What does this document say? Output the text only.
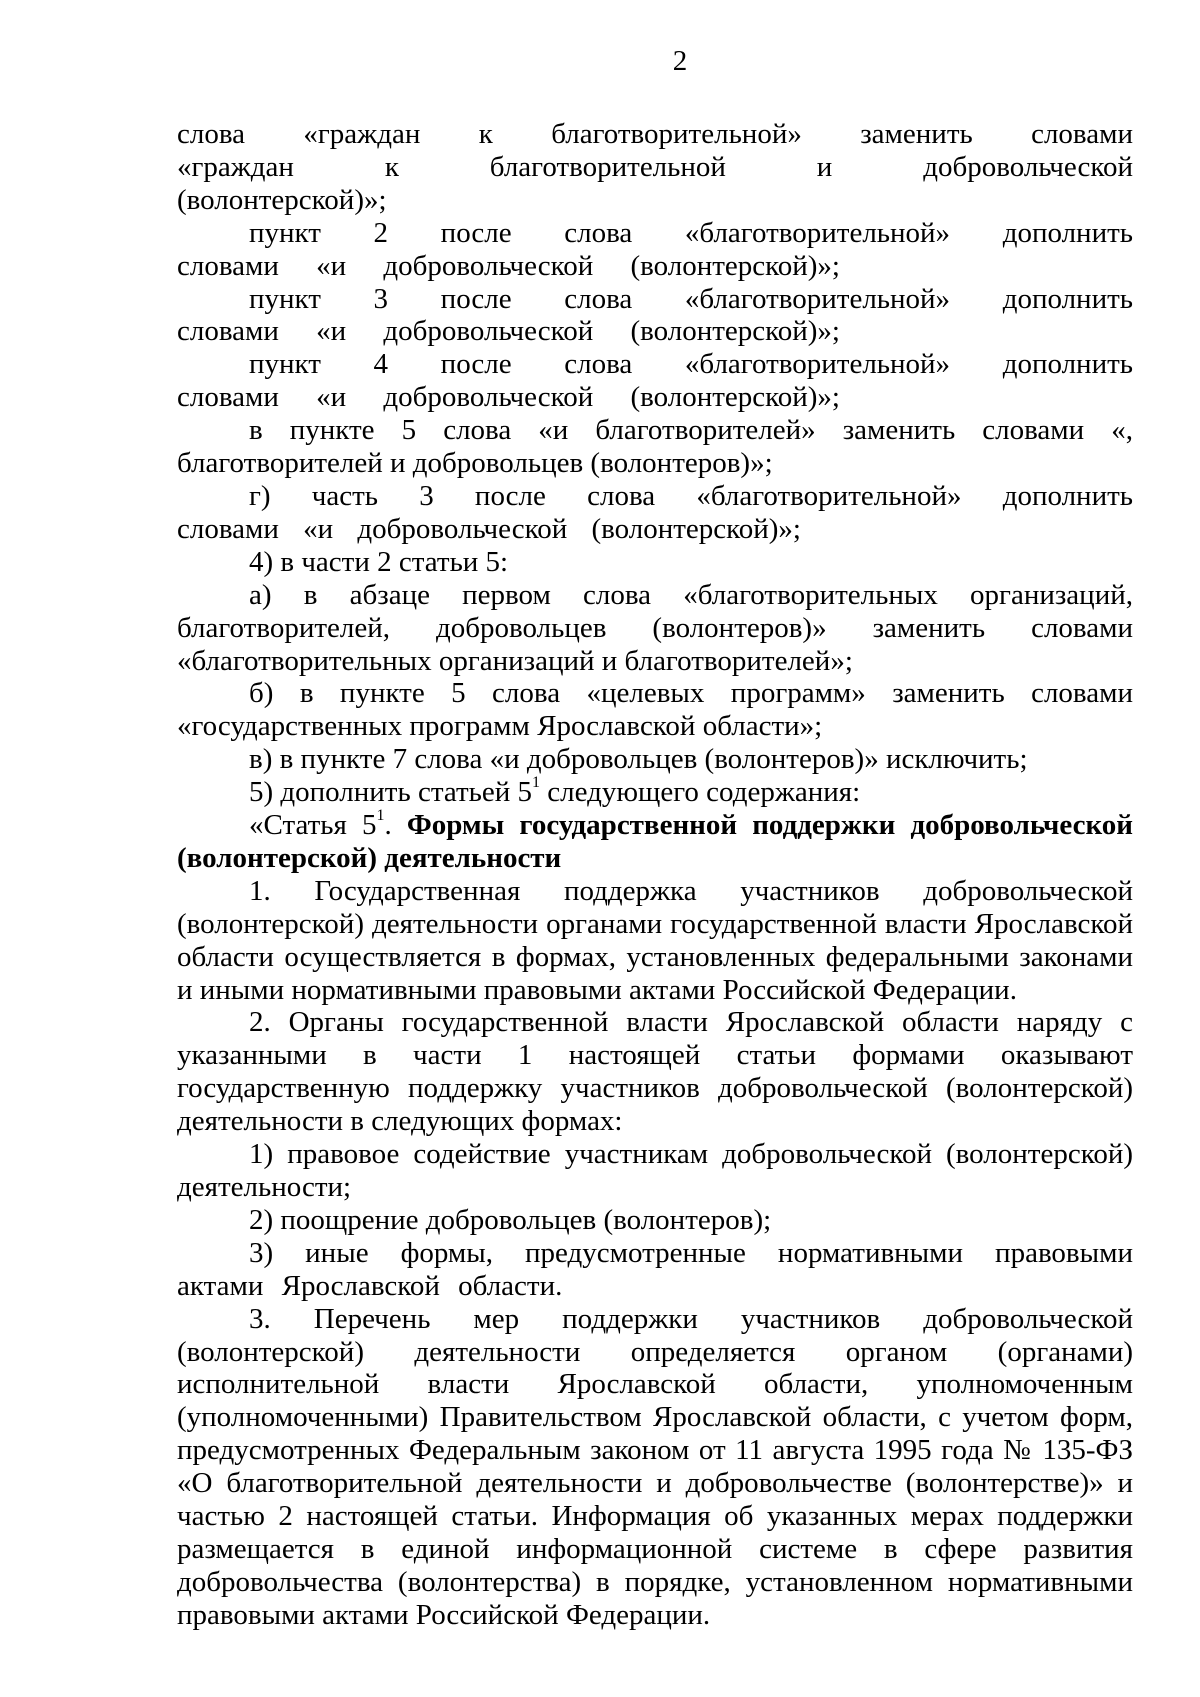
2

слова «граждан к благотворительной» заменить словами «граждан к благотворительной и добровольческой (волонтерской)»;

пункт 2 после слова «благотворительной» дополнить словами «и добровольческой (волонтерской)»;

пункт 3 после слова «благотворительной» дополнить словами «и добровольческой (волонтерской)»;

пункт 4 после слова «благотворительной» дополнить словами «и добровольческой (волонтерской)»;

в пункте 5 слова «и благотворителей» заменить словами «, благотворителей и добровольцев (волонтеров)»;

г) часть 3 после слова «благотворительной» дополнить словами «и добровольческой (волонтерской)»;

4) в части 2 статьи 5:

а) в абзаце первом слова «благотворительных организаций, благотворителей, добровольцев (волонтеров)» заменить словами «благотворительных организаций и благотворителей»;

б) в пункте 5 слова «целевых программ» заменить словами «государственных программ Ярославской области»;

в) в пункте 7 слова «и добровольцев (волонтеров)» исключить;

5) дополнить статьей $5^1$ следующего содержания:

«Статья $5^1$. Формы государственной поддержки добровольческой (волонтерской) деятельности

1. Государственная поддержка участников добровольческой (волонтерской) деятельности органами государственной власти Ярославской области осуществляется в формах, установленных федеральными законами и иными нормативными правовыми актами Российской Федерации.

2. Органы государственной власти Ярославской области наряду с указанными в части 1 настоящей статьи формами оказывают государственную поддержку участников добровольческой (волонтерской) деятельности в следующих формах:

1) правовое содействие участникам добровольческой (волонтерской) деятельности;

2) поощрение добровольцев (волонтеров);

3) иные формы, предусмотренные нормативными правовыми актами Ярославской области.

3. Перечень мер поддержки участников добровольческой (волонтерской) деятельности определяется органом (органами) исполнительной власти Ярославской области, уполномоченным (уполномоченными) Правительством Ярославской области, с учетом форм, предусмотренных Федеральным законом от 11 августа 1995 года № 135-ФЗ «О благотворительной деятельности и добровольчестве (волонтерстве)» и частью 2 настоящей статьи. Информация об указанных мерах поддержки размещается в единой информационной системе в сфере развития добровольчества (волонтерства) в порядке, установленном нормативными правовыми актами Российской Федерации.
